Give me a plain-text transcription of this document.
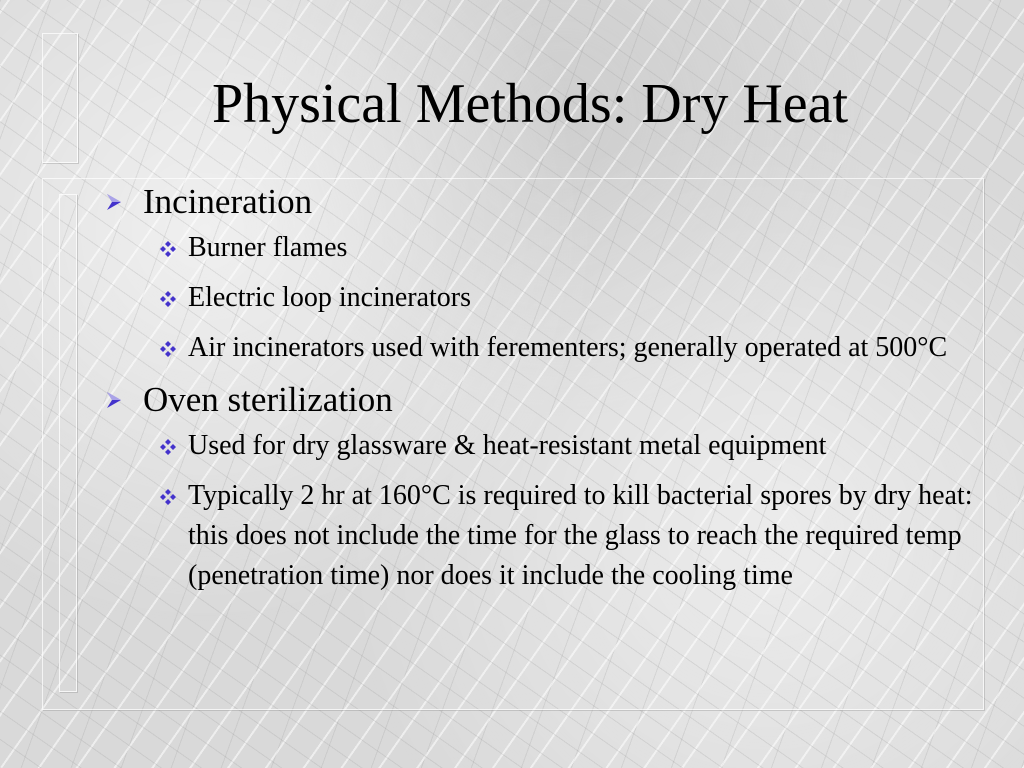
Physical Methods: Dry Heat
Incineration
Burner flames
Electric loop incinerators
Air incinerators used with ferementers; generally operated at 500°C
Oven sterilization
Used for dry glassware & heat-resistant metal equipment
Typically 2 hr at 160°C is required to kill bacterial spores by dry heat: this does not include the time for the glass to reach the required temp (penetration time) nor does it include the cooling time
